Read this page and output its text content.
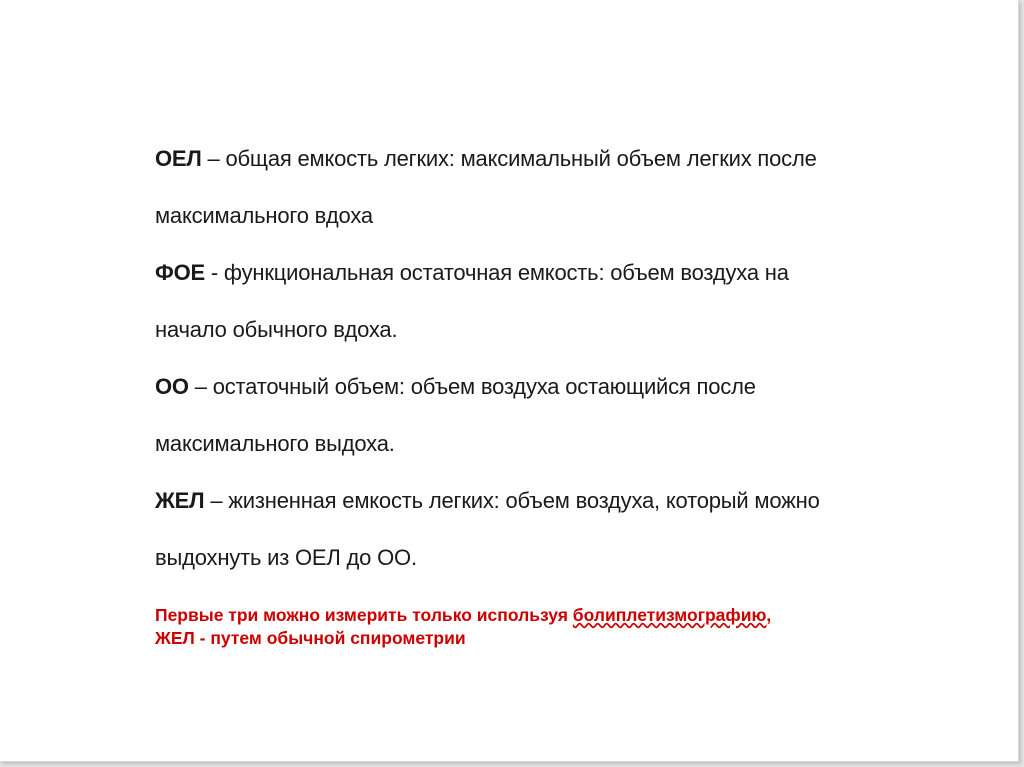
ОЕЛ – общая емкость легких: максимальный объем легких после
максимального вдоха
ФОЕ - функциональная остаточная емкость: объем воздуха на
начало обычного вдоха.
ОО – остаточный объем: объем воздуха остающийся после
максимального выдоха.
ЖЕЛ – жизненная емкость легких: объем воздуха, который можно
выдохнуть из ОЕЛ до ОО.
Первые три можно измерить только используя болиплетизмографию,
ЖЕЛ - путем обычной спирометрии
